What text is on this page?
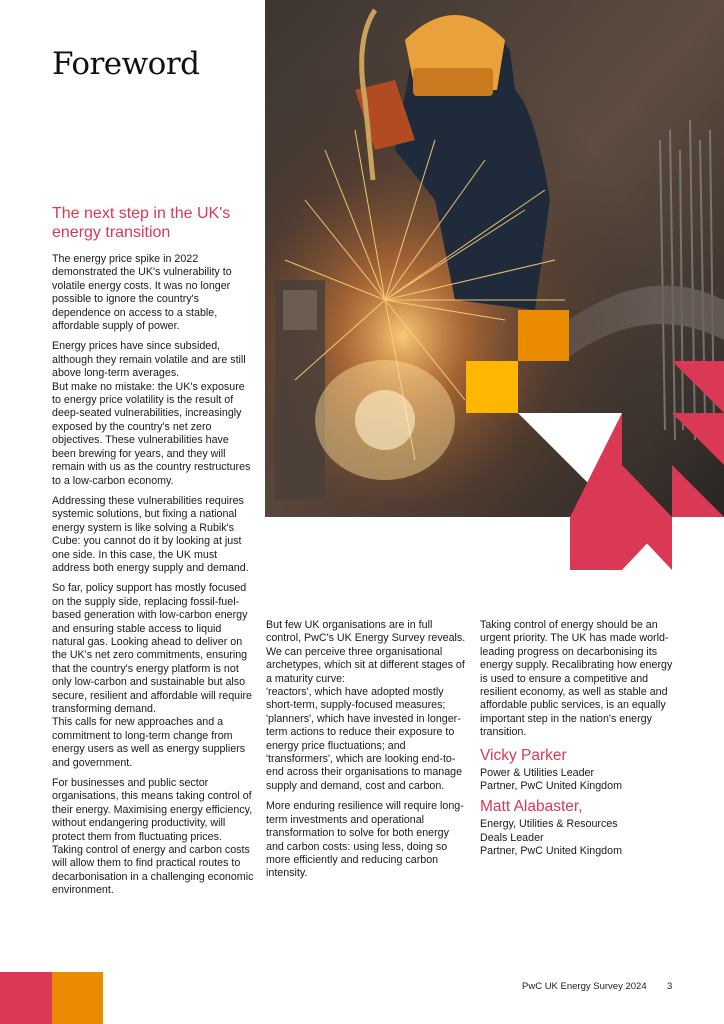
Foreword
The next step in the UK's energy transition

The energy price spike in 2022 demonstrated the UK's vulnerability to volatile energy costs. It was no longer possible to ignore the country's dependence on access to a stable, affordable supply of power.

Energy prices have since subsided, although they remain volatile and are still above long-term averages.
But make no mistake: the UK's exposure to energy price volatility is the result of deep-seated vulnerabilities, increasingly exposed by the country's net zero objectives. These vulnerabilities have been brewing for years, and they will remain with us as the country restructures to a low-carbon economy.

Addressing these vulnerabilities requires systemic solutions, but fixing a national energy system is like solving a Rubik's Cube: you cannot do it by looking at just one side. In this case, the UK must address both energy supply and demand.

So far, policy support has mostly focused on the supply side, replacing fossil-fuel-based generation with low-carbon energy and ensuring stable access to liquid natural gas. Looking ahead to deliver on the UK's net zero commitments, ensuring that the country's energy platform is not only low-carbon and sustainable but also secure, resilient and affordable will require transforming demand.
This calls for new approaches and a commitment to long-term change from energy users as well as energy suppliers and government.

For businesses and public sector organisations, this means taking control of their energy. Maximising energy efficiency, without endangering productivity, will protect them from fluctuating prices. Taking control of energy and carbon costs will allow them to find practical routes to decarbonisation in a challenging economic environment.

But few UK organisations are in full control, PwC's UK Energy Survey reveals. We can perceive three organisational archetypes, which sit at different stages of a maturity curve:
'reactors', which have adopted mostly short-term, supply-focused measures; 'planners', which have invested in longer-term actions to reduce their exposure to energy price fluctuations; and 'transformers', which are looking end-to-end across their organisations to manage supply and demand, cost and carbon.

More enduring resilience will require long-term investments and operational transformation to solve for both energy and carbon costs: using less, doing so more efficiently and reducing carbon intensity.

Taking control of energy should be an urgent priority. The UK has made world-leading progress on decarbonising its energy supply. Recalibrating how energy is used to ensure a competitive and resilient economy, as well as stable and affordable public services, is an equally important step in the nation's energy transition.

Vicky Parker
Power & Utilities Leader
Partner, PwC United Kingdom
Matt Alabaster,
Energy, Utilities & Resources
Deals Leader
Partner, PwC United Kingdom
PwC UK Energy Survey 2024 3
